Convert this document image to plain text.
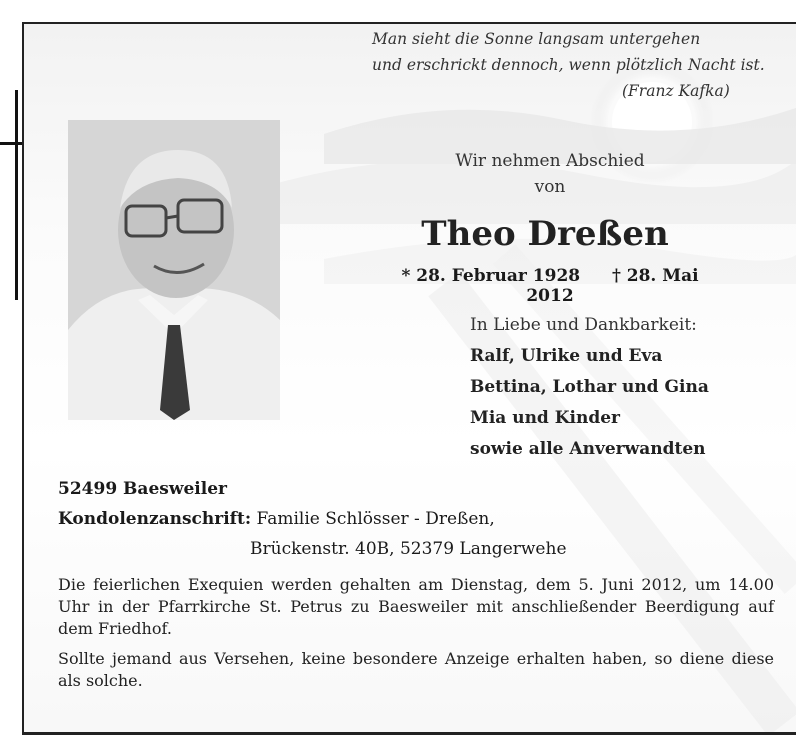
Man sieht die Sonne langsam untergehen
und erschrickt dennoch, wenn plötzlich Nacht ist.
(Franz Kafka)
Wir nehmen Abschied
von
Theo Dreßen
* 28. Februar 1928 † 28. Mai 2012
In Liebe und Dankbarkeit:
Ralf, Ulrike und Eva
Bettina, Lothar und Gina
Mia und Kinder
sowie alle Anverwandten
52499 Baesweiler
Kondolenzanschrift: Familie Schlösser - Dreßen,
Brückenstr. 40B, 52379 Langerwehe

Die feierlichen Exequien werden gehalten am Dienstag, dem 5. Juni 2012, um 14.00 Uhr in der Pfarrkirche St. Petrus zu Baesweiler mit anschließender Beerdigung auf dem Friedhof.

Sollte jemand aus Versehen, keine besondere Anzeige erhalten haben, so diene diese als solche.
